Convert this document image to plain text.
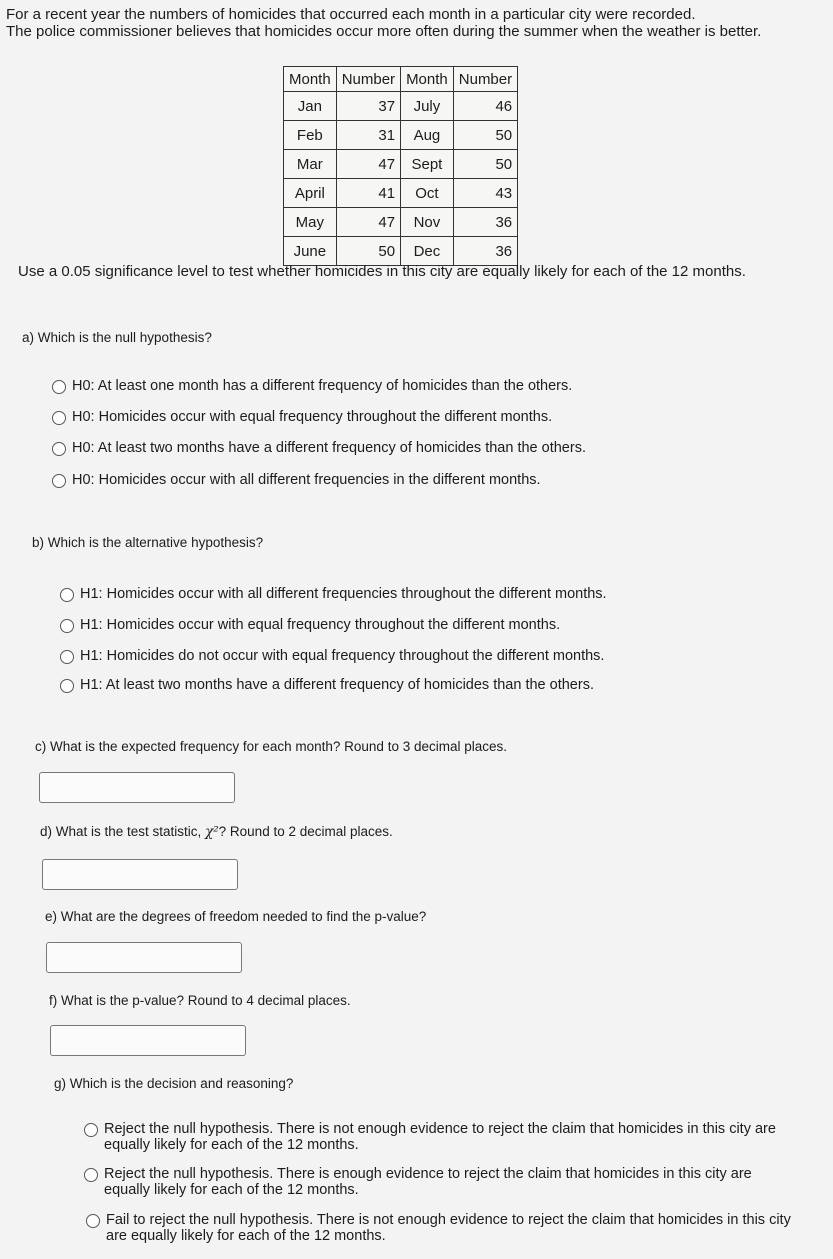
For a recent year the numbers of homicides that occurred each month in a particular city were recorded.
The police commissioner believes that homicides occur more often during the summer when the weather is better.
Month	Number	Month	Number
Jan	37	July	46
Feb	31	Aug	50
Mar	47	Sept	50
April	41	Oct	43
May	47	Nov	36
June	50	Dec	36
Use a 0.05 significance level to test whether homicides in this city are equally likely for each of the 12 months.
a) Which is the null hypothesis?
H0: At least one month has a different frequency of homicides than the others.
H0: Homicides occur with equal frequency throughout the different months.
H0: At least two months have a different frequency of homicides than the others.
H0: Homicides occur with all different frequencies in the different months.
b) Which is the alternative hypothesis?
H1: Homicides occur with all different frequencies throughout the different months.
H1: Homicides occur with equal frequency throughout the different months.
H1: Homicides do not occur with equal frequency throughout the different months.
H1: At least two months have a different frequency of homicides than the others.
c) What is the expected frequency for each month? Round to 3 decimal places.
d) What is the test statistic, χ²? Round to 2 decimal places.
e) What are the degrees of freedom needed to find the p-value?
f) What is the p-value? Round to 4 decimal places.
g) Which is the decision and reasoning?
Reject the null hypothesis. There is not enough evidence to reject the claim that homicides in this city are equally likely for each of the 12 months.
Reject the null hypothesis. There is enough evidence to reject the claim that homicides in this city are equally likely for each of the 12 months.
Fail to reject the null hypothesis. There is not enough evidence to reject the claim that homicides in this city are equally likely for each of the 12 months.
